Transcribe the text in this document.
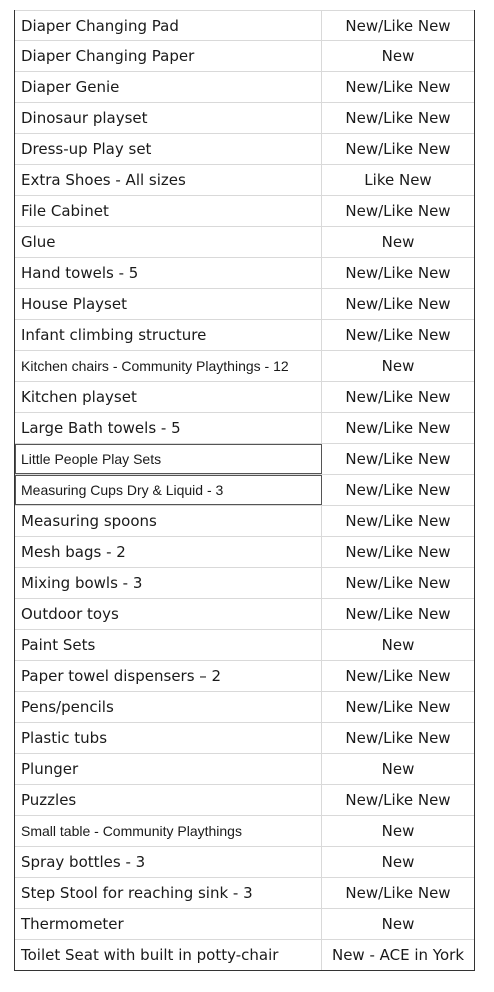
Diaper Changing Pad	New/Like New
Diaper Changing Paper	New
Diaper Genie	New/Like New
Dinosaur playset	New/Like New
Dress-up Play set	New/Like New
Extra Shoes - All sizes	Like New
File Cabinet	New/Like New
Glue	New
Hand towels - 5	New/Like New
House Playset	New/Like New
Infant climbing structure	New/Like New
Kitchen chairs - Community Playthings - 12	New
Kitchen playset	New/Like New
Large Bath towels - 5	New/Like New
Little People Play Sets	New/Like New
Measuring Cups Dry & Liquid - 3	New/Like New
Measuring spoons	New/Like New
Mesh bags - 2	New/Like New
Mixing bowls - 3	New/Like New
Outdoor toys	New/Like New
Paint Sets	New
Paper towel dispensers – 2	New/Like New
Pens/pencils	New/Like New
Plastic tubs	New/Like New
Plunger	New
Puzzles	New/Like New
Small table - Community Playthings	New
Spray bottles - 3	New
Step Stool for reaching sink - 3	New/Like New
Thermometer	New
Toilet Seat with built in potty-chair	New - ACE in York
